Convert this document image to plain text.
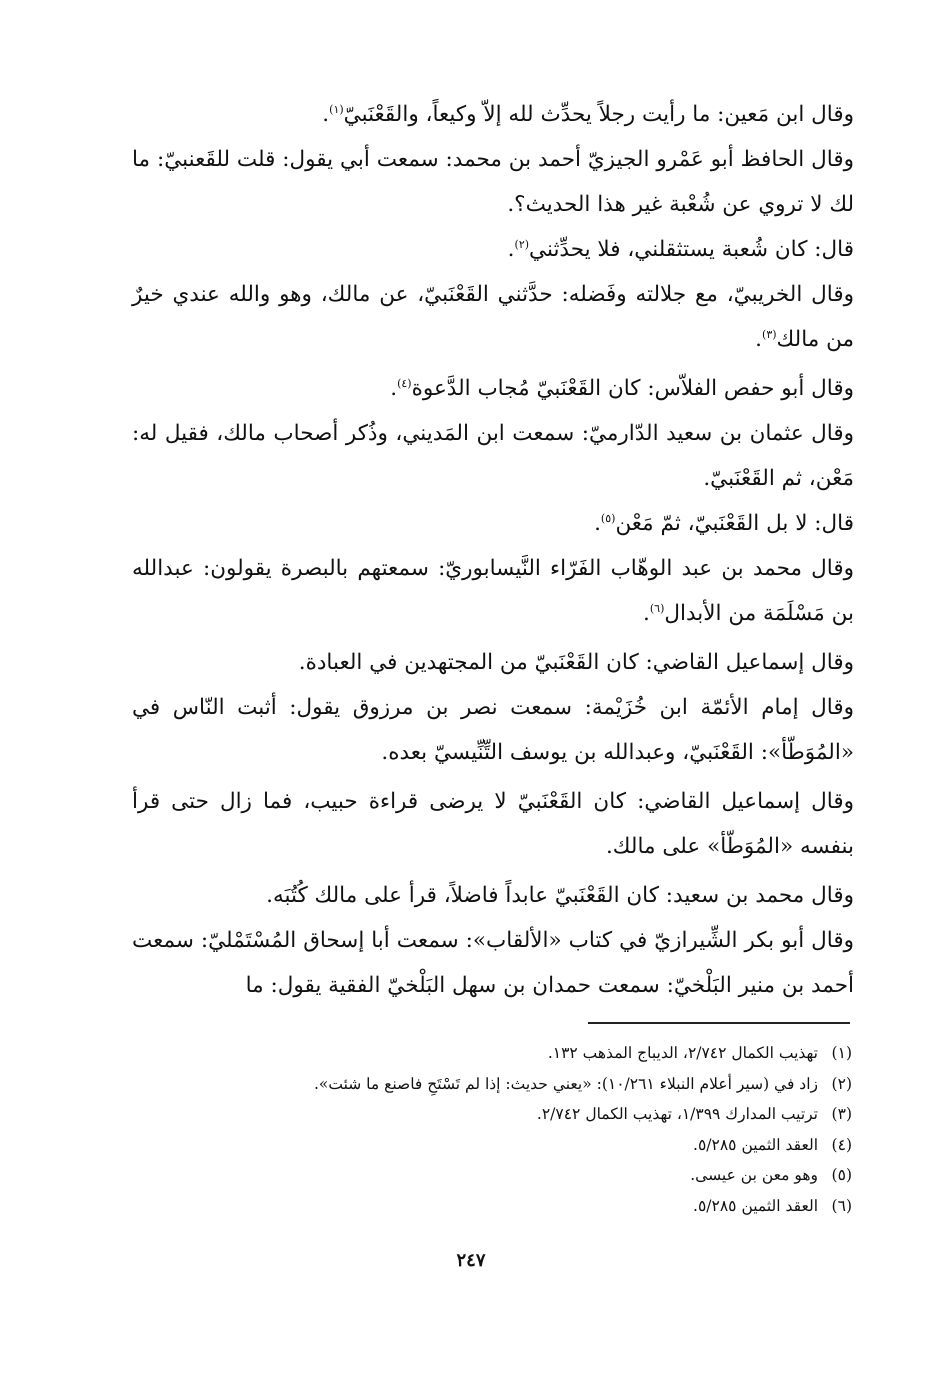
وقال ابن مَعين: ما رأيت رجلاً يحدِّث لله إلاّ وكيعاً، والقَعْنَبيّ$^{(١)}$.

وقال الحافظ أبو عَمْرو الجيزيّ أحمد بن محمد: سمعت أبي يقول: قلت للقَعنبيّ: ما لك لا تروي عن شُعْبة غير هذا الحديث؟.

قال: كان شُعبة يستثقلني، فلا يحدِّثني$^{(٢)}$.

وقال الخريبيّ، مع جلالته وفَضله: حدَّثني القَعْنَبيّ، عن مالك، وهو والله عندي خيرٌ من مالك$^{(٣)}$.

وقال أبو حفص الفلاّس: كان القَعْنَبيّ مُجاب الدَّعوة$^{(٤)}$.

وقال عثمان بن سعيد الدّارميّ: سمعت ابن المَديني، وذُكر أصحاب مالك، فقيل له: مَعْن، ثم القَعْنَبيّ.

قال: لا بل القَعْنَبيّ، ثمّ مَعْن$^{(٥)}$.

وقال محمد بن عبد الوهّاب الفَرّاء النَّيسابوريّ: سمعتهم بالبصرة يقولون: عبدالله بن مَسْلَمَة من الأبدال$^{(٦)}$.

وقال إسماعيل القاضي: كان القَعْنَبيّ من المجتهدين في العبادة.

وقال إمام الأئمّة ابن خُزَيْمة: سمعت نصر بن مرزوق يقول: أثبت النّاس في «المُوَطّأ»: القَعْنَبيّ، وعبدالله بن يوسف التِّنِّيسيّ بعده.

وقال إسماعيل القاضي: كان القَعْنَبيّ لا يرضى قراءة حبيب، فما زال حتى قرأ بنفسه «المُوَطّأ» على مالك.

وقال محمد بن سعيد: كان القَعْنَبيّ عابداً فاضلاً، قرأ على مالك كُتُبَه.

وقال أبو بكر الشِّيرازيّ في كتاب «الألقاب»: سمعت أبا إسحاق المُسْتَمْليّ: سمعت أحمد بن منير البَلْخيّ: سمعت حمدان بن سهل البَلْخيّ الفقية يقول: ما

(١)
تهذيب الكمال ٢/٧٤٢، الديباج المذهب ١٣٢.
(٢)
زاد في (سير أعلام النبلاء ١٠/٢٦١): «يعني حديث: إذا لم تَسْتَحِ فاصنع ما شئت».
(٣)
ترتيب المدارك ١/٣٩٩، تهذيب الكمال ٢/٧٤٢.
(٤)
العقد الثمين ٥/٢٨٥.
(٥)
وهو معن بن عيسى.
(٦)
العقد الثمين ٥/٢٨٥.
٢٤٧
